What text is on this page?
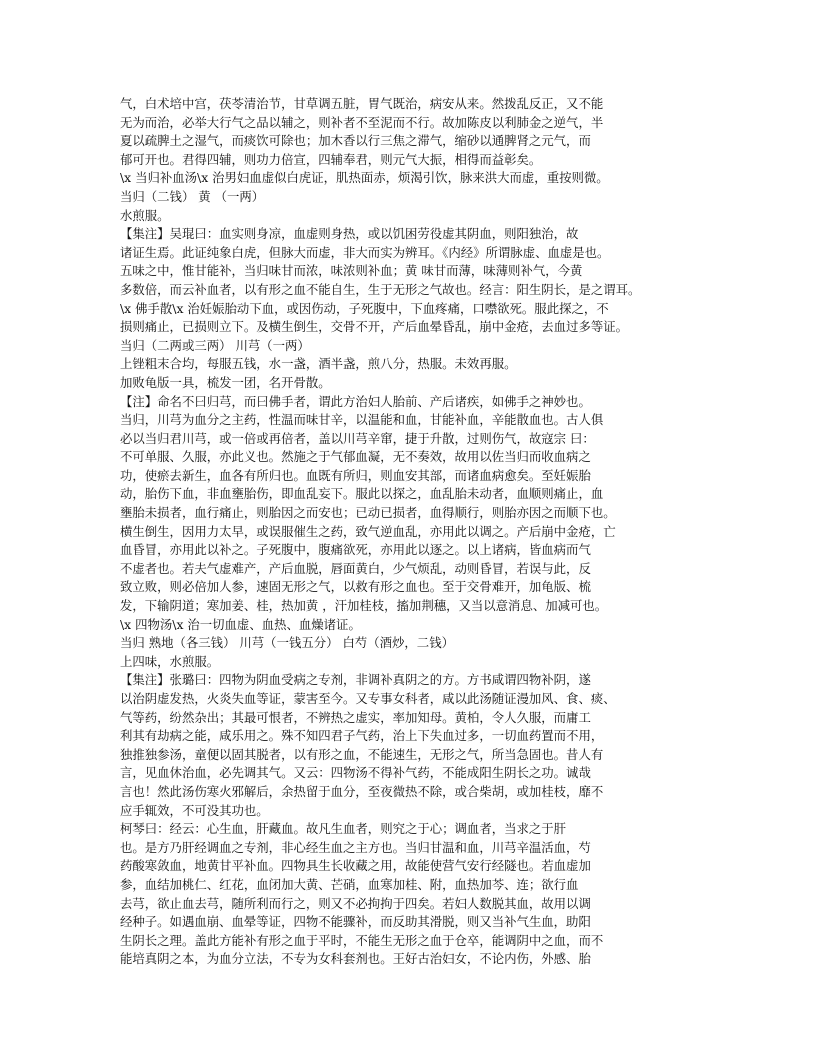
气，白术培中宫，茯苓清治节，甘草调五脏，胃气既治，病安从来。然拨乱反正，又不能
无为而治，必举大行气之品以辅之，则补者不至泥而不行。故加陈皮以利肺金之逆气，半
夏以疏脾土之湿气，而痰饮可除也；加木香以行三焦之滞气，缩砂以通脾肾之元气，而
郁可开也。君得四辅，则功力倍宣，四辅奉君，则元气大振，相得而益彰矣。
\x 当归补血汤\x 治男妇血虚似白虎证，肌热面赤，烦渴引饮，脉来洪大而虚，重按则微。
当归（二钱） 黄 （一两）
水煎服。
【集注】吴琨曰：血实则身凉，血虚则身热，或以饥困劳役虚其阴血，则阳独治，故
诸证生焉。此证纯象白虎，但脉大而虚，非大而实为辨耳。《内经》所谓脉虚、血虚是也。
五味之中，惟甘能补，当归味甘而浓，味浓则补血；黄 味甘而薄，味薄则补气，今黄
多数倍，而云补血者，以有形之血不能自生，生于无形之气故也。经言：阳生阴长，是之谓耳。
\x 佛手散\x 治妊娠胎动下血，或因伤动，子死腹中，下血疼痛，口噤欲死。服此探之，不
损则痛止，已损则立下。及横生倒生，交骨不开，产后血晕昏乱，崩中金疮，去血过多等证。
当归（二两或三两） 川芎（一两）
上锉粗末合均，每服五钱，水一盏，酒半盏，煎八分，热服。未效再服。
加败龟版一具，梳发一团，名开骨散。
【注】命名不曰归芎，而曰佛手者，谓此方治妇人胎前、产后诸疾，如佛手之神妙也。
当归，川芎为血分之主药，性温而味甘辛，以温能和血，甘能补血，辛能散血也。古人俱
必以当归君川芎，或一倍或再倍者，盖以川芎辛窜，捷于升散，过则伤气，故寇宗 曰：
不可单服、久服，亦此义也。然施之于气郁血凝，无不奏效，故用以佐当归而收血病之
功，使瘀去新生，血各有所归也。血既有所归，则血安其部，而诸血病愈矣。至妊娠胎
动，胎伤下血，非血壅胎伤，即血乱妄下。服此以探之，血乱胎未动者，血顺则痛止，血
壅胎未损者，血行痛止，则胎因之而安也；已动已损者，血得顺行，则胎亦因之而顺下也。
横生倒生，因用力太早，或误服催生之药，致气逆血乱，亦用此以调之。产后崩中金疮，亡
血昏冒，亦用此以补之。子死腹中，腹痛欲死，亦用此以逐之。以上诸病，皆血病而气
不虚者也。若夫气虚难产，产后血脱，唇面黄白，少气烦乱，动则昏冒，若误与此，反
致立败，则必倍加人参，速固无形之气，以救有形之血也。至于交骨难开，加龟版、梳
发，下输阴道；寒加姜、桂，热加黄 ，汗加桂枝，搐加荆穗，又当以意消息、加减可也。
\x 四物汤\x 治一切血虚、血热、血燥诸证。
当归 熟地（各三钱） 川芎（一钱五分） 白芍（酒炒，二钱）
上四味，水煎服。
【集注】张璐曰：四物为阴血受病之专剂，非调补真阴之的方。方书咸谓四物补阴，遂
以治阴虚发热，火炎失血等证，蒙害至今。又专事女科者，咸以此汤随证漫加风、食、痰、
气等药，纷然杂出；其最可恨者，不辨热之虚实，率加知母。黄柏，令人久服，而庸工
利其有劫病之能，咸乐用之。殊不知四君子气药，治上下失血过多，一切血药置而不用，
独推独参汤，童便以固其脱者，以有形之血，不能速生，无形之气，所当急固也。昔人有
言，见血休治血，必先调其气。又云：四物汤不得补气药，不能成阳生阴长之功。诚哉
言也！然此汤伤寒火邪解后，余热留于血分，至夜微热不除，或合柴胡，或加桂枝，靡不
应手辄效，不可没其功也。
柯琴曰：经云：心生血，肝藏血。故凡生血者，则究之于心；调血者，当求之于肝
也。是方乃肝经调血之专剂，非心经生血之主方也。当归甘温和血，川芎辛温活血，芍
药酸寒敛血，地黄甘平补血。四物具生长收藏之用，故能使营气安行经隧也。若血虚加
参，血结加桃仁、红花，血闭加大黄、芒硝，血寒加桂、附，血热加芩、连；欲行血
去芎，欲止血去芎，随所利而行之，则又不必拘拘于四矣。若妇人数脱其血，故用以调
经种子。如遇血崩、血晕等证，四物不能骤补，而反助其滑脱，则又当补气生血，助阳
生阴长之理。盖此方能补有形之血于平时，不能生无形之血于仓卒，能调阴中之血，而不
能培真阴之本，为血分立法，不专为女科套剂也。王好古治妇女，不论内伤，外感、胎
